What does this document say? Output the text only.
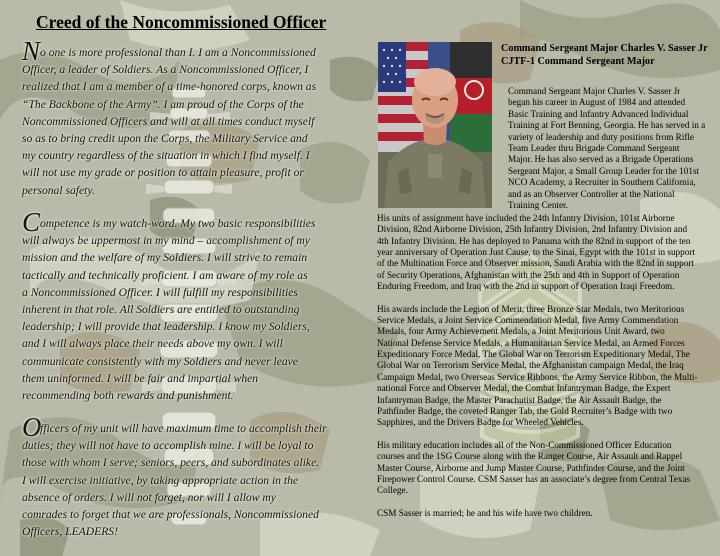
Creed of the Noncommissioned Officer
No one is more professional than I. I am a Noncommissioned
Officer, a leader of Soldiers. As a Noncommissioned Officer, I
realized that I am a member of a time-honored corps, known as
“The Backbone of the Army”. I am proud of the Corps of the
Noncommissioned Officers and will at all times conduct myself
so as to bring credit upon the Corps, the Military Service and
my country regardless of the situation in which I find myself. I
will not use my grade or position to attain pleasure, profit or
personal safety.
Competence is my watch-word. My two basic responsibilities
will always be uppermost in my mind – accomplishment of my
mission and the welfare of my Soldiers. I will strive to remain
tactically and technically proficient. I am aware of my role as
a Noncommissioned Officer. I will fulfill my responsibilities
inherent in that role. All Soldiers are entitled to outstanding
leadership; I will provide that leadership. I know my Soldiers,
and I will always place their needs above my own. I will
communicate consistently with my Soldiers and never leave
them uninformed. I will be fair and impartial when
recommending both rewards and punishment.
Officers of my unit will have maximum time to accomplish their
duties; they will not have to accomplish mine. I will be loyal to
those with whom I serve; seniors, peers, and subordinates alike.
I will exercise initiative, by taking appropriate action in the
absence of orders. I will not forget, nor will I allow my
comrades to forget that we are professionals, Noncommissioned
Officers, LEADERS!
Command Sergeant Major Charles V. Sasser Jr
CJTF-1 Command Sergeant Major
Command Sergeant Major Charles V. Sasser Jr
began his career in August of 1984 and attended
Basic Training and Infantry Advanced Individual
Training at Fort Benning, Georgia. He has served in a
variety of leadership and duty positions from Rifle
Team Leader thru Brigade Command Sergeant
Major. He has also served as a Brigade Operations
Sergeant Major, a Small Group Leader for the 101st
NCO Academy, a Recruiter in Southern California,
and as an Observer Controller at the National
Training Center.
His units of assignment have included the 24th Infantry Division, 101st Airborne
Division, 82nd Airborne Division, 25th Infantry Division, 2nd Infantry Division and
4th Infantry Division. He has deployed to Panama with the 82nd in support of the ten
year anniversary of Operation Just Cause, to the Sinai, Egypt with the 101st in support
of the Multination Force and Observer mission, Saudi Arabia with the 82nd in support
of Security Operations, Afghanistan with the 25th and 4th in Support of Operation
Enduring Freedom, and Iraq with the 2nd in support of Operation Iraqi Freedom.
His awards include the Legion of Merit, three Bronze Star Medals, two Meritorious
Service Medals, a Joint Service Commendation Medal, five Army Commendation
Medals, four Army Achievement Medals, a Joint Meritorious Unit Award, two
National Defense Service Medals, a Humanitarian Service Medal, an Armed Forces
Expeditionary Force Medal, The Global War on Terrorism Expeditionary Medal, The
Global War on Terrorism Service Medal, the Afghanistan campaign Medal, the Iraq
Campaign Medal, two Overseas Service Ribbons, the Army Service Ribbon, the Multi-
national Force and Observer Medal, the Combat Infantryman Badge, the Expert
Infantryman Badge, the Master Parachutist Badge, the Air Assault Badge, the
Pathfinder Badge, the coveted Ranger Tab, the Gold Recruiter’s Badge with two
Sapphires, and the Drivers Badge for Wheeled Vehicles.
His military education includes all of the Non-Commissioned Officer Education
courses and the 1SG Course along with the Ranger Course, Air Assault and Rappel
Master Course, Airborne and Jump Master Course, Pathfinder Course, and the Joint
Firepower Control Course. CSM Sasser has an associate’s degree from Central Texas
College.
CSM Sasser is married; he and his wife have two children.
